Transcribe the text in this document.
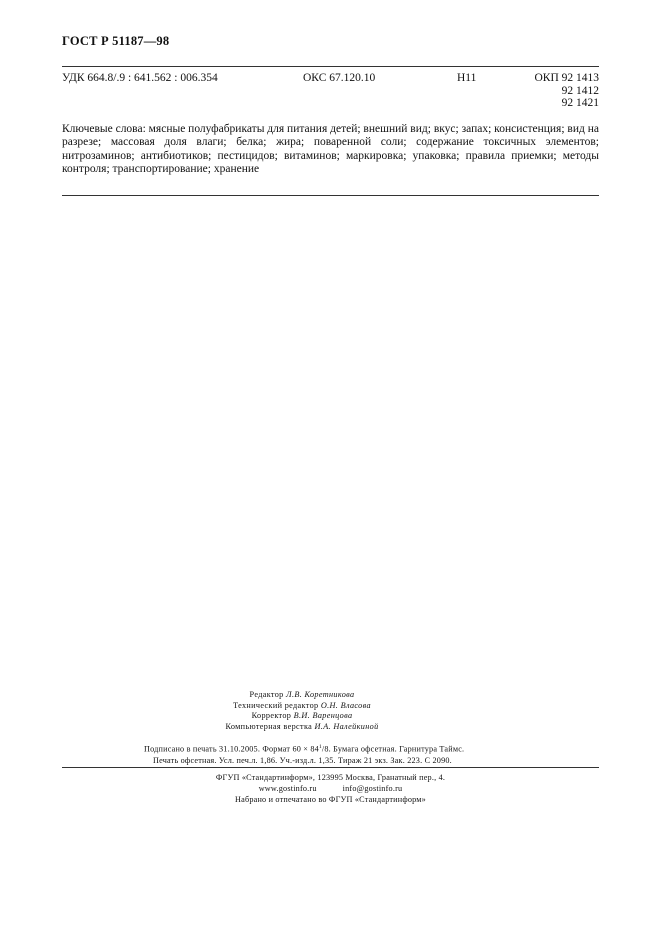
ГОСТ Р 51187—98
УДК 664.8/.9 : 641.562 : 006.354	ОКС 67.120.10	Н11	ОКП 92 1413
92 1412
92 1421
Ключевые слова: мясные полуфабрикаты для питания детей; внешний вид; вкус; запах; консистенция; вид на разрезе; массовая доля влаги; белка; жира; поваренной соли; содержание токсичных элементов; нитрозаминов; антибиотиков; пестицидов; витаминов; маркировка; упаковка; правила приемки; методы контроля; транспортирование; хранение
Редактор Л.В. Коретникова
Технический редактор О.Н. Власова
Корректор В.И. Варенцова
Компьютерная верстка И.А. Налейкиной
Подписано в печать 31.10.2005. Формат $60 \times 84^1/8$. Бумага офсетная. Гарнитура Таймс.
Печать офсетная. Усл. печ.л. 1,86. Уч.-изд.л. 1,35. Тираж 21 экз. Зак. 223. С 2090.
ФГУП «Стандартинформ», 123995 Москва, Гранатный пер., 4.
www.gostinfo.ru	info@gostinfo.ru
Набрано и отпечатано во ФГУП «Стандартинформ»
